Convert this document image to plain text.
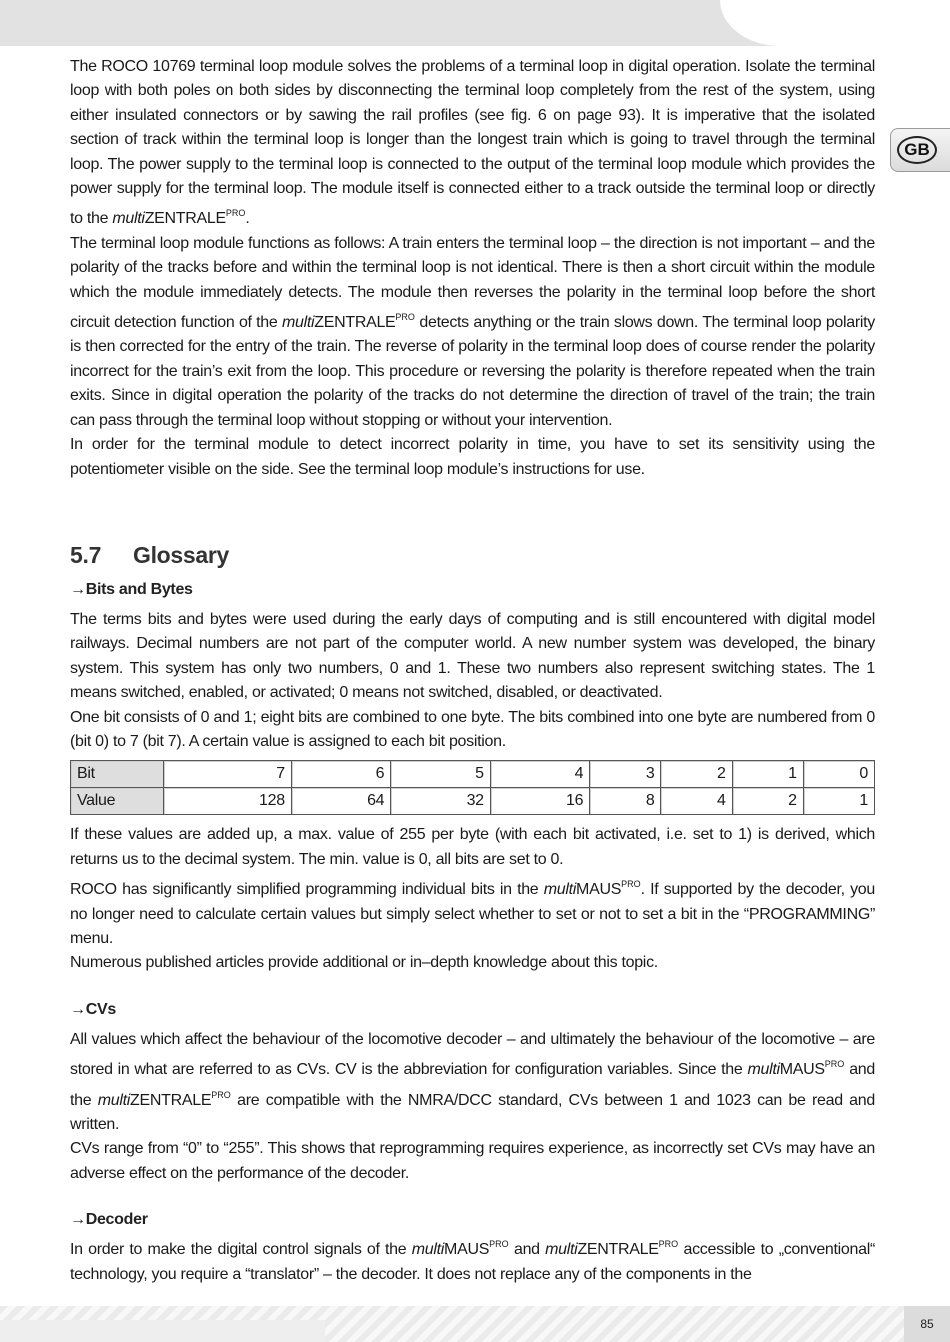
GB

The ROCO 10769 terminal loop module solves the problems of a terminal loop in digital operation. Isolate the terminal loop with both poles on both sides by disconnecting the terminal loop completely from the rest of the system, using either insulated connectors or by sawing the rail profiles (see fig. 6 on page 93). It is imperative that the isolated section of track within the terminal loop is longer than the longest train which is going to travel through the terminal loop. The power supply to the terminal loop is connected to the output of the terminal loop module which provides the power supply for the terminal loop. The module itself is connected either to a track outside the terminal loop or directly to the multiZENTRALE$^{PRO}$.

The terminal loop module functions as follows: A train enters the terminal loop – the direction is not important – and the polarity of the tracks before and within the terminal loop is not identical. There is then a short circuit within the module which the module immediately detects. The module then reverses the polarity in the terminal loop before the short circuit detection function of the multiZENTRALE$^{PRO}$ detects anything or the train slows down. The terminal loop polarity is then corrected for the entry of the train. The reverse of polarity in the terminal loop does of course render the polarity incorrect for the train’s exit from the loop. This procedure or reversing the polarity is therefore repeated when the train exits. Since in digital operation the polarity of the tracks do not determine the direction of travel of the train; the train can pass through the terminal loop without stopping or without your intervention.

In order for the terminal module to detect incorrect polarity in time, you have to set its sensitivity using the potentiometer visible on the side. See the terminal loop module’s instructions for use.

5.7 Glossary
→Bits and Bytes

The terms bits and bytes were used during the early days of computing and is still encountered with digital model railways. Decimal numbers are not part of the computer world. A new number system was developed, the binary system. This system has only two numbers, 0 and 1. These two numbers also represent switching states. The 1 means switched, enabled, or activated; 0 means not switched, disabled, or deactivated.

One bit consists of 0 and 1; eight bits are combined to one byte. The bits combined into one byte are numbered from 0 (bit 0) to 7 (bit 7). A certain value is assigned to each bit position.

Bit	7	6	5	4	3	2	1	0
Value	128	64	32	16	8	4	2	1

If these values are added up, a max. value of 255 per byte (with each bit activated, i.e. set to 1) is derived, which returns us to the decimal system. The min. value is 0, all bits are set to 0.

ROCO has significantly simplified programming individual bits in the multiMAUS$^{PRO}$. If supported by the decoder, you no longer need to calculate certain values but simply select whether to set or not to set a bit in the “PROGRAMMING” menu.

Numerous published articles provide additional or in–depth knowledge about this topic.

→CVs

All values which affect the behaviour of the locomotive decoder – and ultimately the behaviour of the locomotive – are stored in what are referred to as CVs. CV is the abbreviation for configuration variables. Since the multiMAUS$^{PRO}$ and the multiZENTRALE$^{PRO}$ are compatible with the NMRA/DCC standard, CVs between 1 and 1023 can be read and written.

CVs range from “0” to “255”. This shows that reprogramming requires experience, as incorrectly set CVs may have an adverse effect on the performance of the decoder.

→Decoder

In order to make the digital control signals of the multiMAUS$^{PRO}$ and multiZENTRALE$^{PRO}$ accessible to „conventional“ technology, you require a “translator” – the decoder. It does not replace any of the components in the

85
